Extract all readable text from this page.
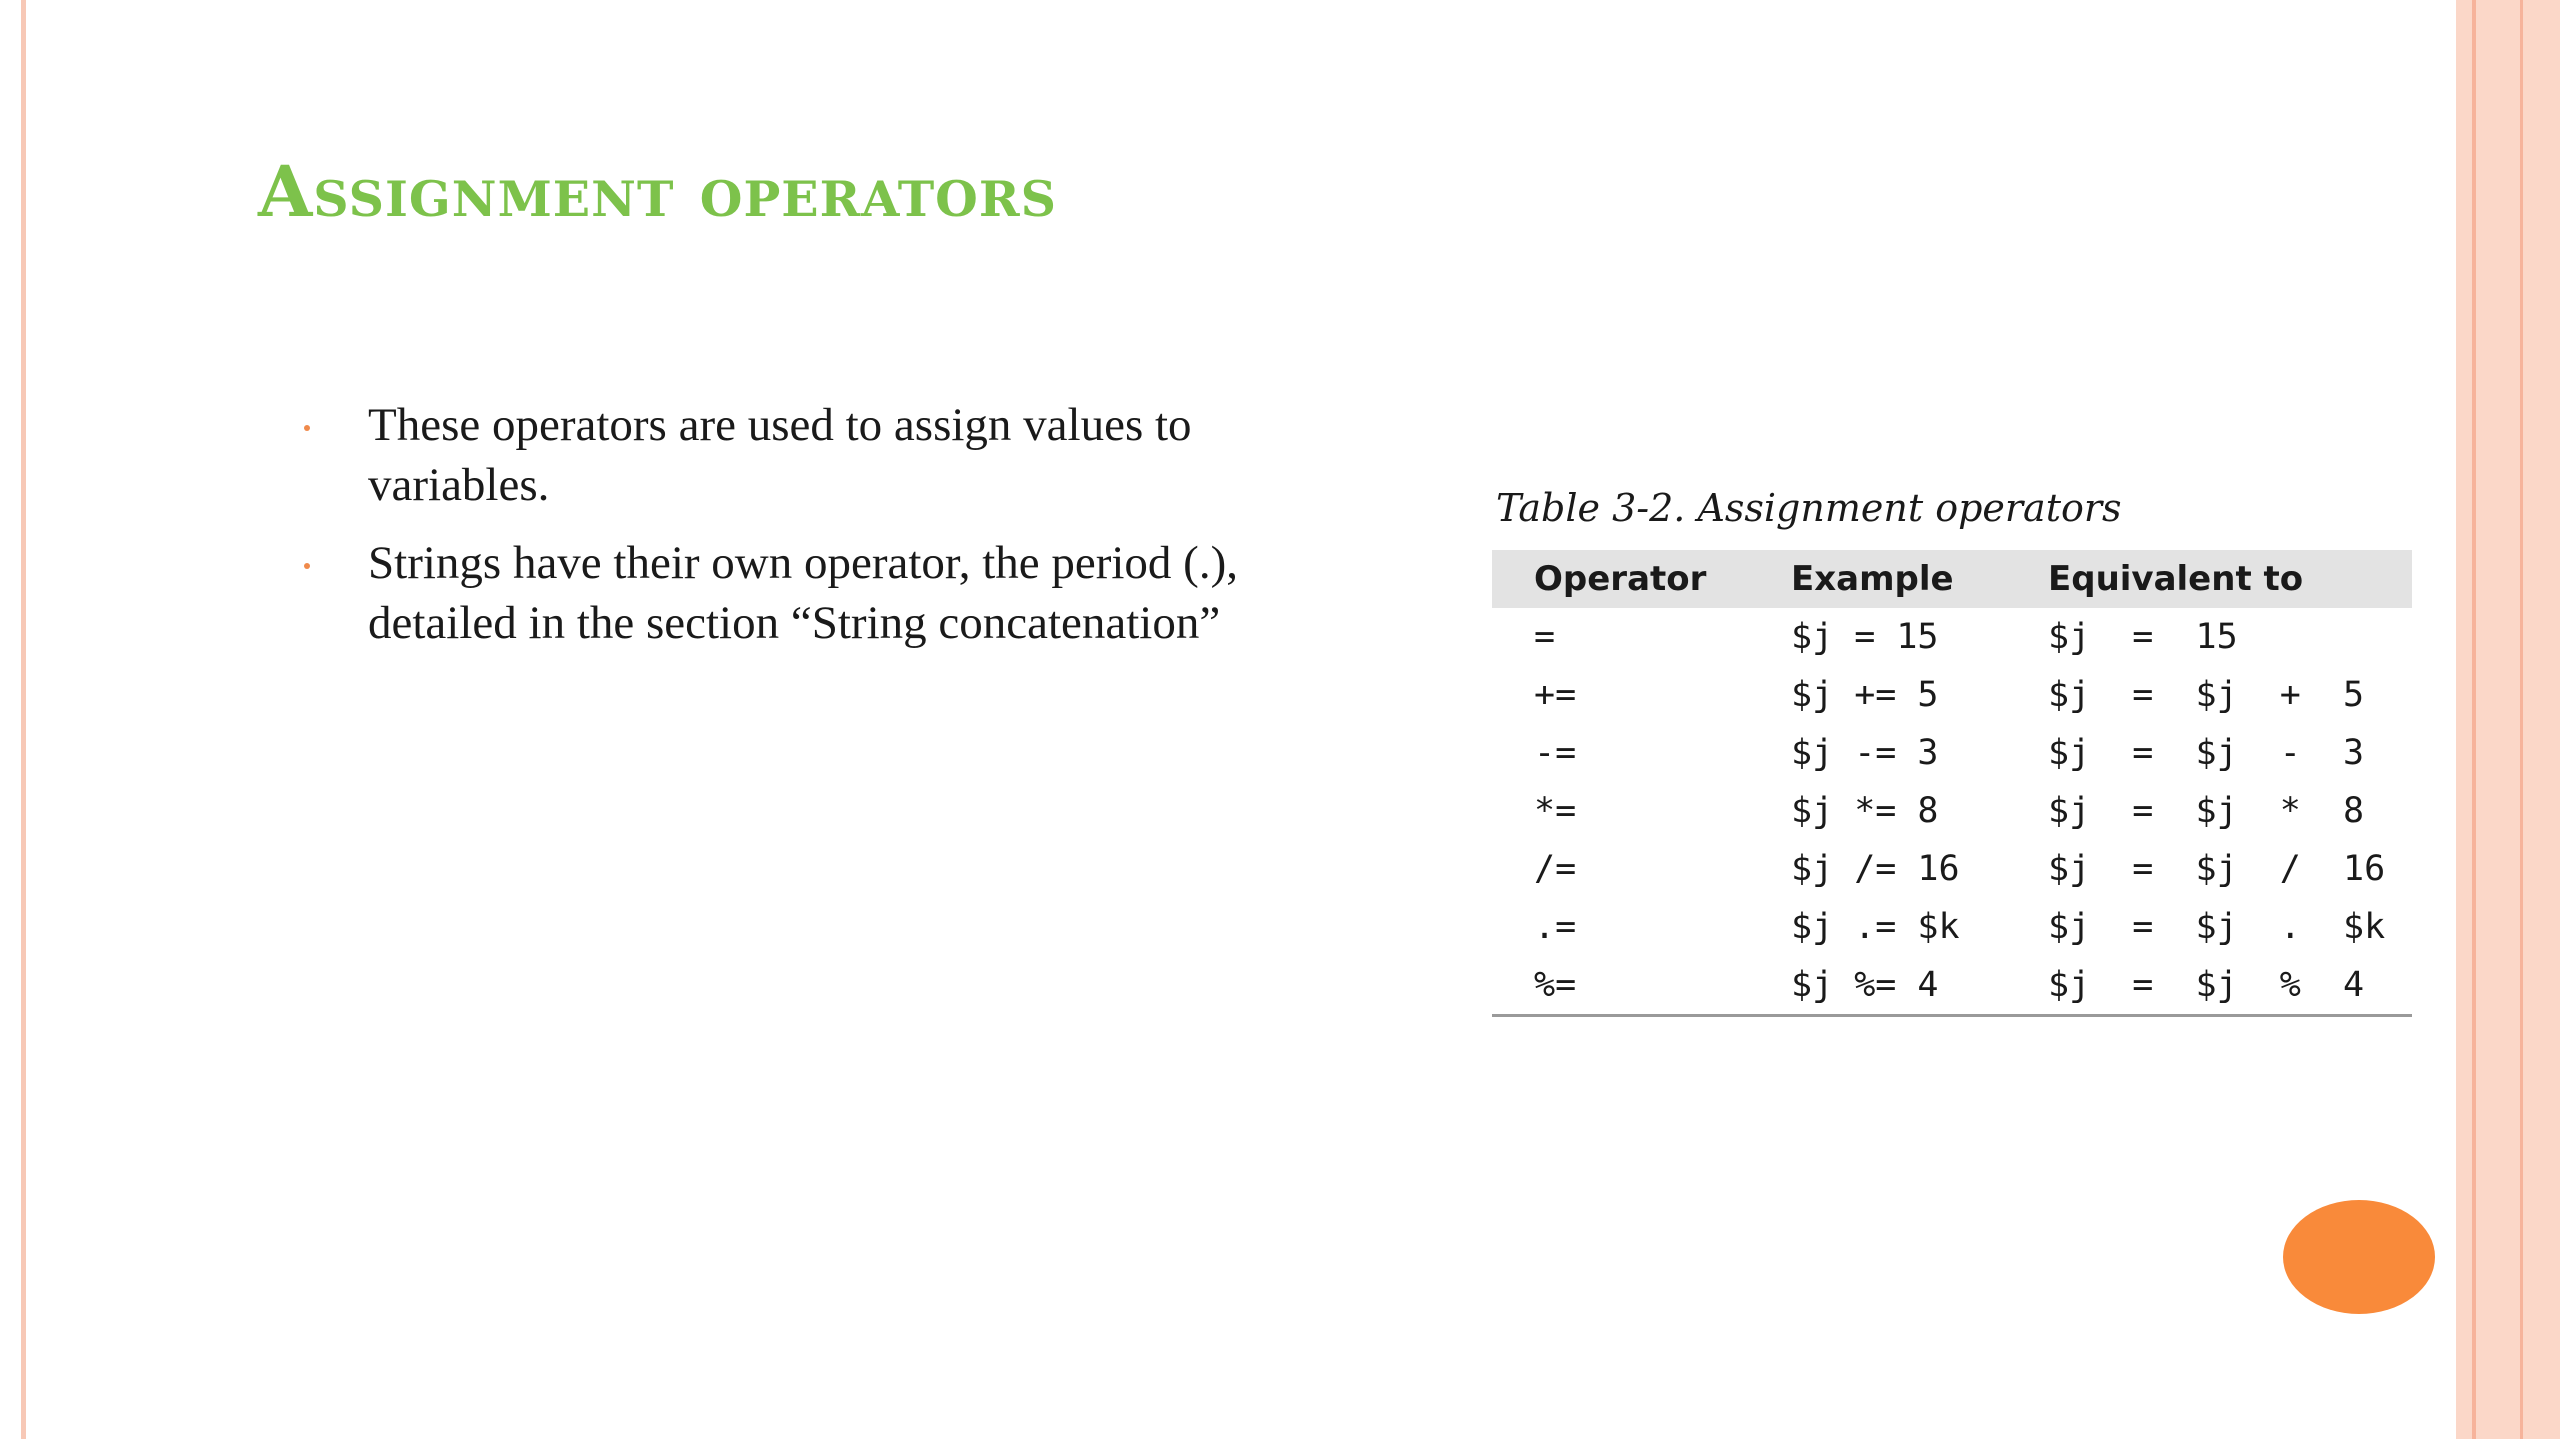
Assignment operators
These operators are used to assign values to variables.
Strings have their own operator, the period (.), detailed in the section “String concatenation”
Table 3-2. Assignment operators
Operator	Example	Equivalent to
=	$j = 15	$j  =  15
+=	$j += 5	$j  =  $j  +  5
-=	$j -= 3	$j  =  $j  -  3
*=	$j *= 8	$j  =  $j  *  8
/=	$j /= 16	$j  =  $j  /  16
.=	$j .= $k	$j  =  $j  .  $k
%=	$j %= 4	$j  =  $j  %  4
